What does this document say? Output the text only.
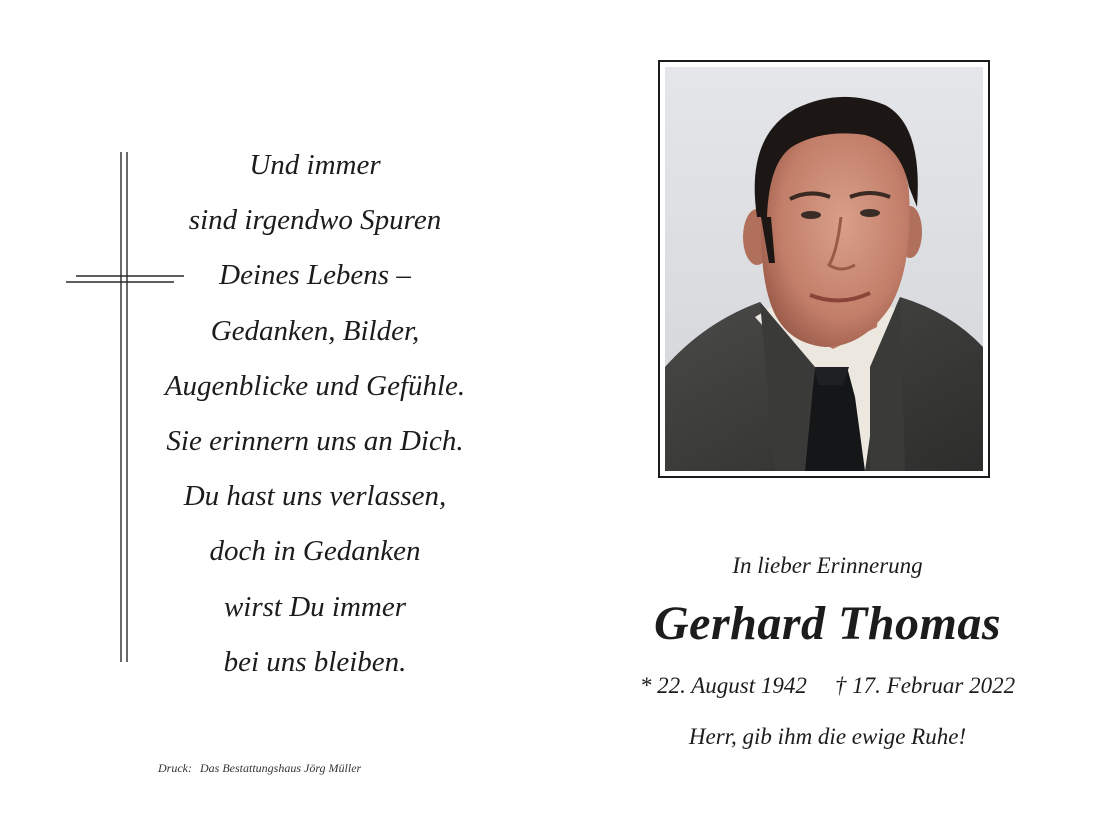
Und immer
sind irgendwo Spuren
Deines Lebens –
Gedanken, Bilder,
Augenblicke und Gefühle.
Sie erinnern uns an Dich.
Du hast uns verlassen,
doch in Gedanken
wirst Du immer
bei uns bleiben.
Druck: Das Bestattungshaus Jörg Müller
In lieber Erinnerung
Gerhard Thomas
* 22. August 1942 † 17. Februar 2022
Herr, gib ihm die ewige Ruhe!
